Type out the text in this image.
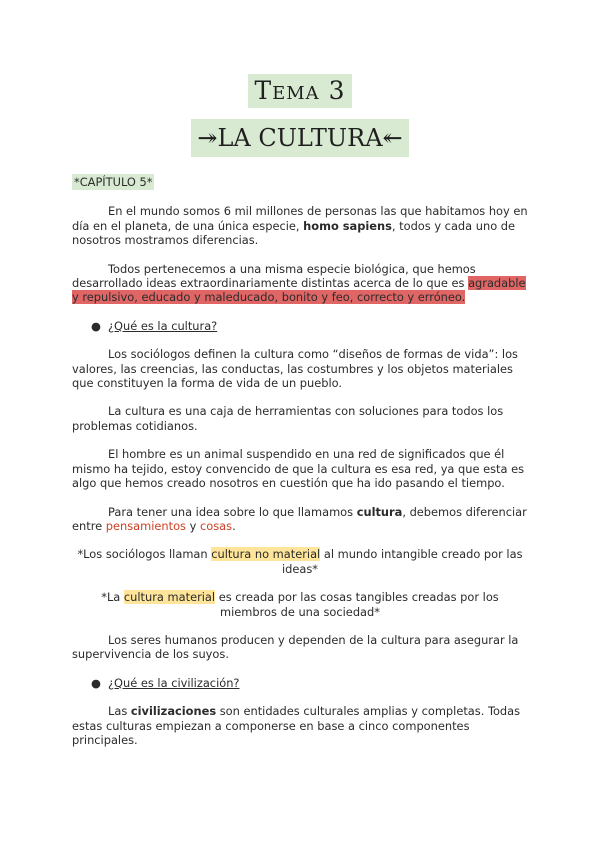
Tema 3
↠LA CULTURA↞
*CAPÍTULO 5*

En el mundo somos 6 mil millones de personas las que habitamos hoy en día en el planeta, de una única especie, homo sapiens, todos y cada uno de nosotros mostramos diferencias.

Todos pertenecemos a una misma especie biológica, que hemos desarrollado ideas extraordinariamente distintas acerca de lo que es agradable y repulsivo, educado y maleducado, bonito y feo, correcto y erróneo.

● ¿Qué es la cultura?

Los sociólogos definen la cultura como “diseños de formas de vida”: los valores, las creencias, las conductas, las costumbres y los objetos materiales que constituyen la forma de vida de un pueblo.

La cultura es una caja de herramientas con soluciones para todos los problemas cotidianos.

El hombre es un animal suspendido en una red de significados que él mismo ha tejido, estoy convencido de que la cultura es esa red, ya que esta es algo que hemos creado nosotros en cuestión que ha ido pasando el tiempo.

Para tener una idea sobre lo que llamamos cultura, debemos diferenciar entre pensamientos y cosas.

*Los sociólogos llaman cultura no material al mundo intangible creado por las ideas*

*La cultura material es creada por las cosas tangibles creadas por los miembros de una sociedad*

Los seres humanos producen y dependen de la cultura para asegurar la supervivencia de los suyos.

● ¿Qué es la civilización?

Las civilizaciones son entidades culturales amplias y completas. Todas estas culturas empiezan a componerse en base a cinco componentes principales.
